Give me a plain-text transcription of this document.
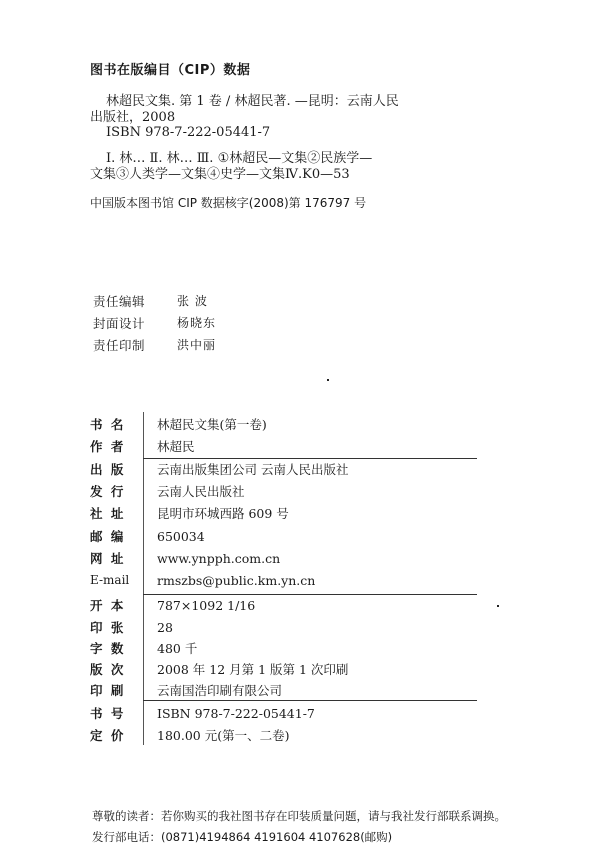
图书在版编目（CIP）数据
林超民文集. 第 1 卷 / 林超民著. —昆明：云南人民
出版社，2008
ISBN 978-7-222-05441-7
Ⅰ. 林… Ⅱ. 林… Ⅲ. ①林超民—文集②民族学—
文集③人类学—文集④史学—文集Ⅳ.K0—53
中国版本图书馆 CIP 数据核字(2008)第 176797 号
责任编辑	张 波
封面设计	杨晓东
责任印制	洪中丽
书 名	林超民文集(第一卷)
作 者	林超民
出 版	云南出版集团公司 云南人民出版社
发 行	云南人民出版社
社 址	昆明市环城西路 609 号
邮 编	650034
网 址	www.ynpph.com.cn
E-mail	rmszbs@public.km.yn.cn
开 本	787×1092 1/16
印 张	28
字 数	480 千
版 次	2008 年 12 月第 1 版第 1 次印刷
印 刷	云南国浩印刷有限公司
书 号	ISBN 978-7-222-05441-7
定 价	180.00 元(第一、二卷)
尊敬的读者：若你购买的我社图书存在印装质量问题，请与我社发行部联系调换。
发行部电话：(0871)4194864 4191604 4107628(邮购)
